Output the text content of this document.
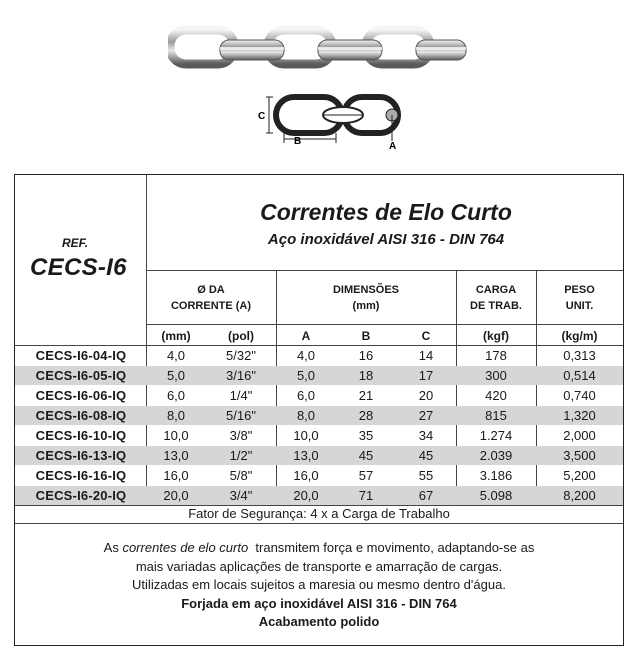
C
B	A
REF.
CECS-I6
Correntes de Elo Curto
Aço inoxidável AISI 316 - DIN 764
Ø DA
CORRENTE (A)
DIMENSÕES
(mm)
CARGA
DE TRAB.
PESO
UNIT.
(mm)	(pol)	A	B	C	(kgf)	(kg/m)
CECS-I6-04-IQ	4,0	5/32"	4,0	16	14	178	0,313
CECS-I6-05-IQ	5,0	3/16"	5,0	18	17	300	0,514
CECS-I6-06-IQ	6,0	1/4"	6,0	21	20	420	0,740
CECS-I6-08-IQ	8,0	5/16"	8,0	28	27	815	1,320
CECS-I6-10-IQ	10,0	3/8"	10,0	35	34	1.274	2,000
CECS-I6-13-IQ	13,0	1/2"	13,0	45	45	2.039	3,500
CECS-I6-16-IQ	16,0	5/8"	16,0	57	55	3.186	5,200
CECS-I6-20-IQ	20,0	3/4"	20,0	71	67	5.098	8,200
Fator de Segurança: 4 x a Carga de Trabalho
As correntes de elo curto  transmitem força e movimento, adaptando-se as
mais variadas aplicações de transporte e amarração de cargas.
Utilizadas em locais sujeitos a maresia ou mesmo dentro d'água.
Forjada em aço inoxidável AISI 316 - DIN 764
Acabamento polido
